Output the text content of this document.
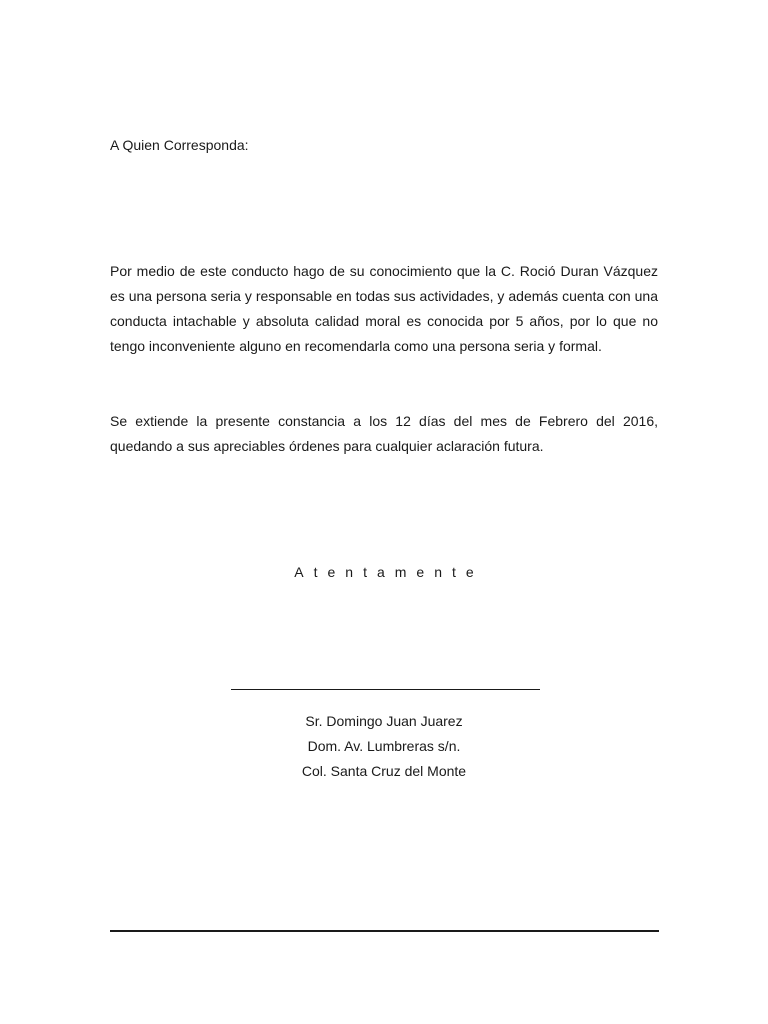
A Quien Corresponda:

Por medio de este conducto hago de su conocimiento que la C. Roció Duran Vázquez es una persona seria y responsable en todas sus actividades, y además cuenta con una conducta intachable y absoluta calidad moral es conocida por 5 años, por lo que no tengo inconveniente alguno en recomendarla como una persona seria y formal.

Se extiende la presente constancia a los 12 días del mes de Febrero del 2016, quedando a sus apreciables órdenes para cualquier aclaración futura.

Atentamente

Sr. Domingo Juan Juarez
Dom. Av. Lumbreras s/n.
Col. Santa Cruz del Monte
